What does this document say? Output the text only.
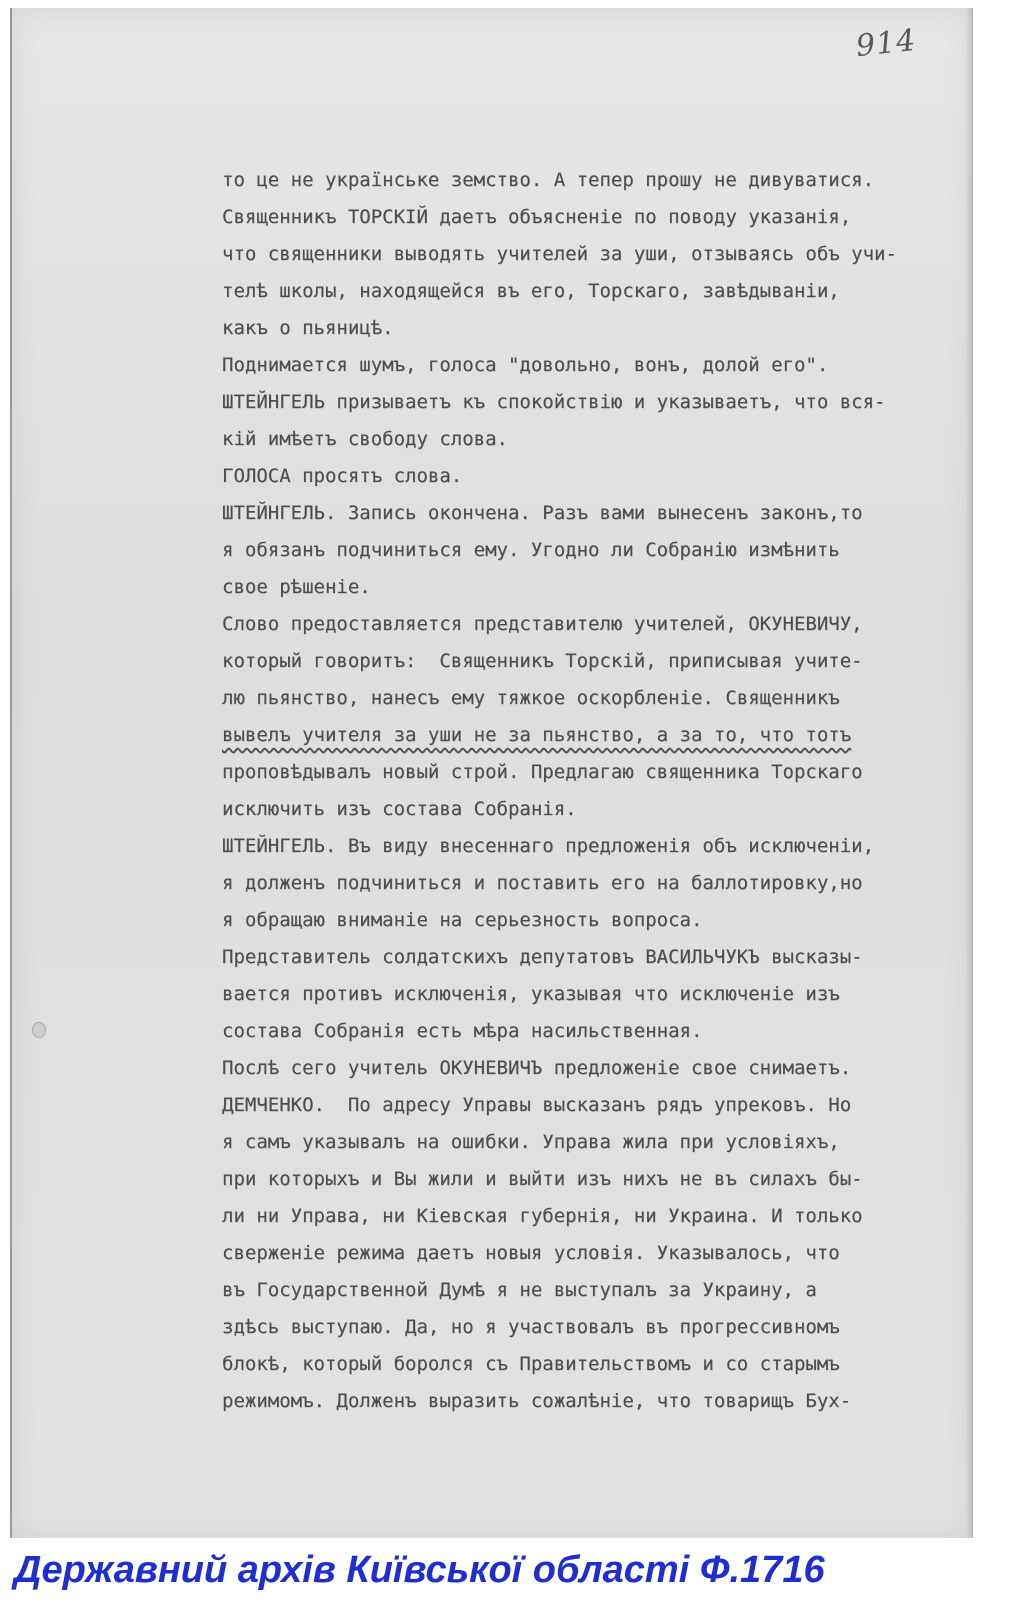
914
то це не українське земство. А тепер прошу не дивуватися.
Священникъ ТОРСКІЙ даетъ объясненіе по поводу указанія,
что священники выводять учителей за уши, отзываясь объ учи-
телѣ школы, находящейся въ его, Торскаго, завѣдываніи,
какъ о пьяницѣ.
Поднимается шумъ, голоса "довольно, вонъ, долой его".
ШТЕЙНГЕЛЬ призываетъ къ спокойствію и указываетъ, что вся-
кій имѣетъ свободу слова.
ГОЛОСА просятъ слова.
ШТЕЙНГЕЛЬ. Запись окончена. Разъ вами вынесенъ законъ,то
я обязанъ подчинитьcя ему. Угодно ли Собранію измѣнить
свое рѣшеніе.
Слово предоставляется представителю учителей, ОКУНЕВИЧУ,
который говоритъ:  Священникъ Торскій, приписывая учите-
лю пьянство, нанесъ ему тяжкое оскорбленіе. Священникъ
вывелъ учителя за уши не за пьянство, а за то, что тотъ
проповѣдывалъ новый строй. Предлагаю священника Торскаго
исключить изъ состава Собранія.
ШТЕЙНГЕЛЬ. Въ виду внесеннаго предложенія объ исключеніи,
я долженъ подчиниться и поставить его на баллотировку,но
я обращаю вниманіе на серьезность вопроса.
Представитель солдатскихъ депутатовъ ВАСИЛЬЧУКЪ высказы-
вается противъ исключенія, указывая что исключеніе изъ
состава Собранія есть мѣра насильственная.
Послѣ сего учитель ОКУНЕВИЧЪ предложеніе свое снимаетъ.
ДЕМЧЕНКО.  По адресу Управы высказанъ рядъ упрековъ. Но
я самъ указывалъ на ошибки. Управа жила при условіяхъ,
при которыхъ и Вы жили и выйти изъ нихъ не въ силахъ бы-
ли ни Управа, ни Кіевская губернія, ни Украина. И только
сверженіе режима даетъ новыя условія. Указывалось, что
въ Государственной Думѣ я не выступалъ за Украину, а
здѣсь выступаю. Да, но я участвовалъ въ прогрессивномъ
блокѣ, который боролся съ Правительствомъ и со старымъ
режимомъ. Долженъ выразить сожалѣніе, что товарищъ Бух-
Державний архів Київської області Ф.1716
